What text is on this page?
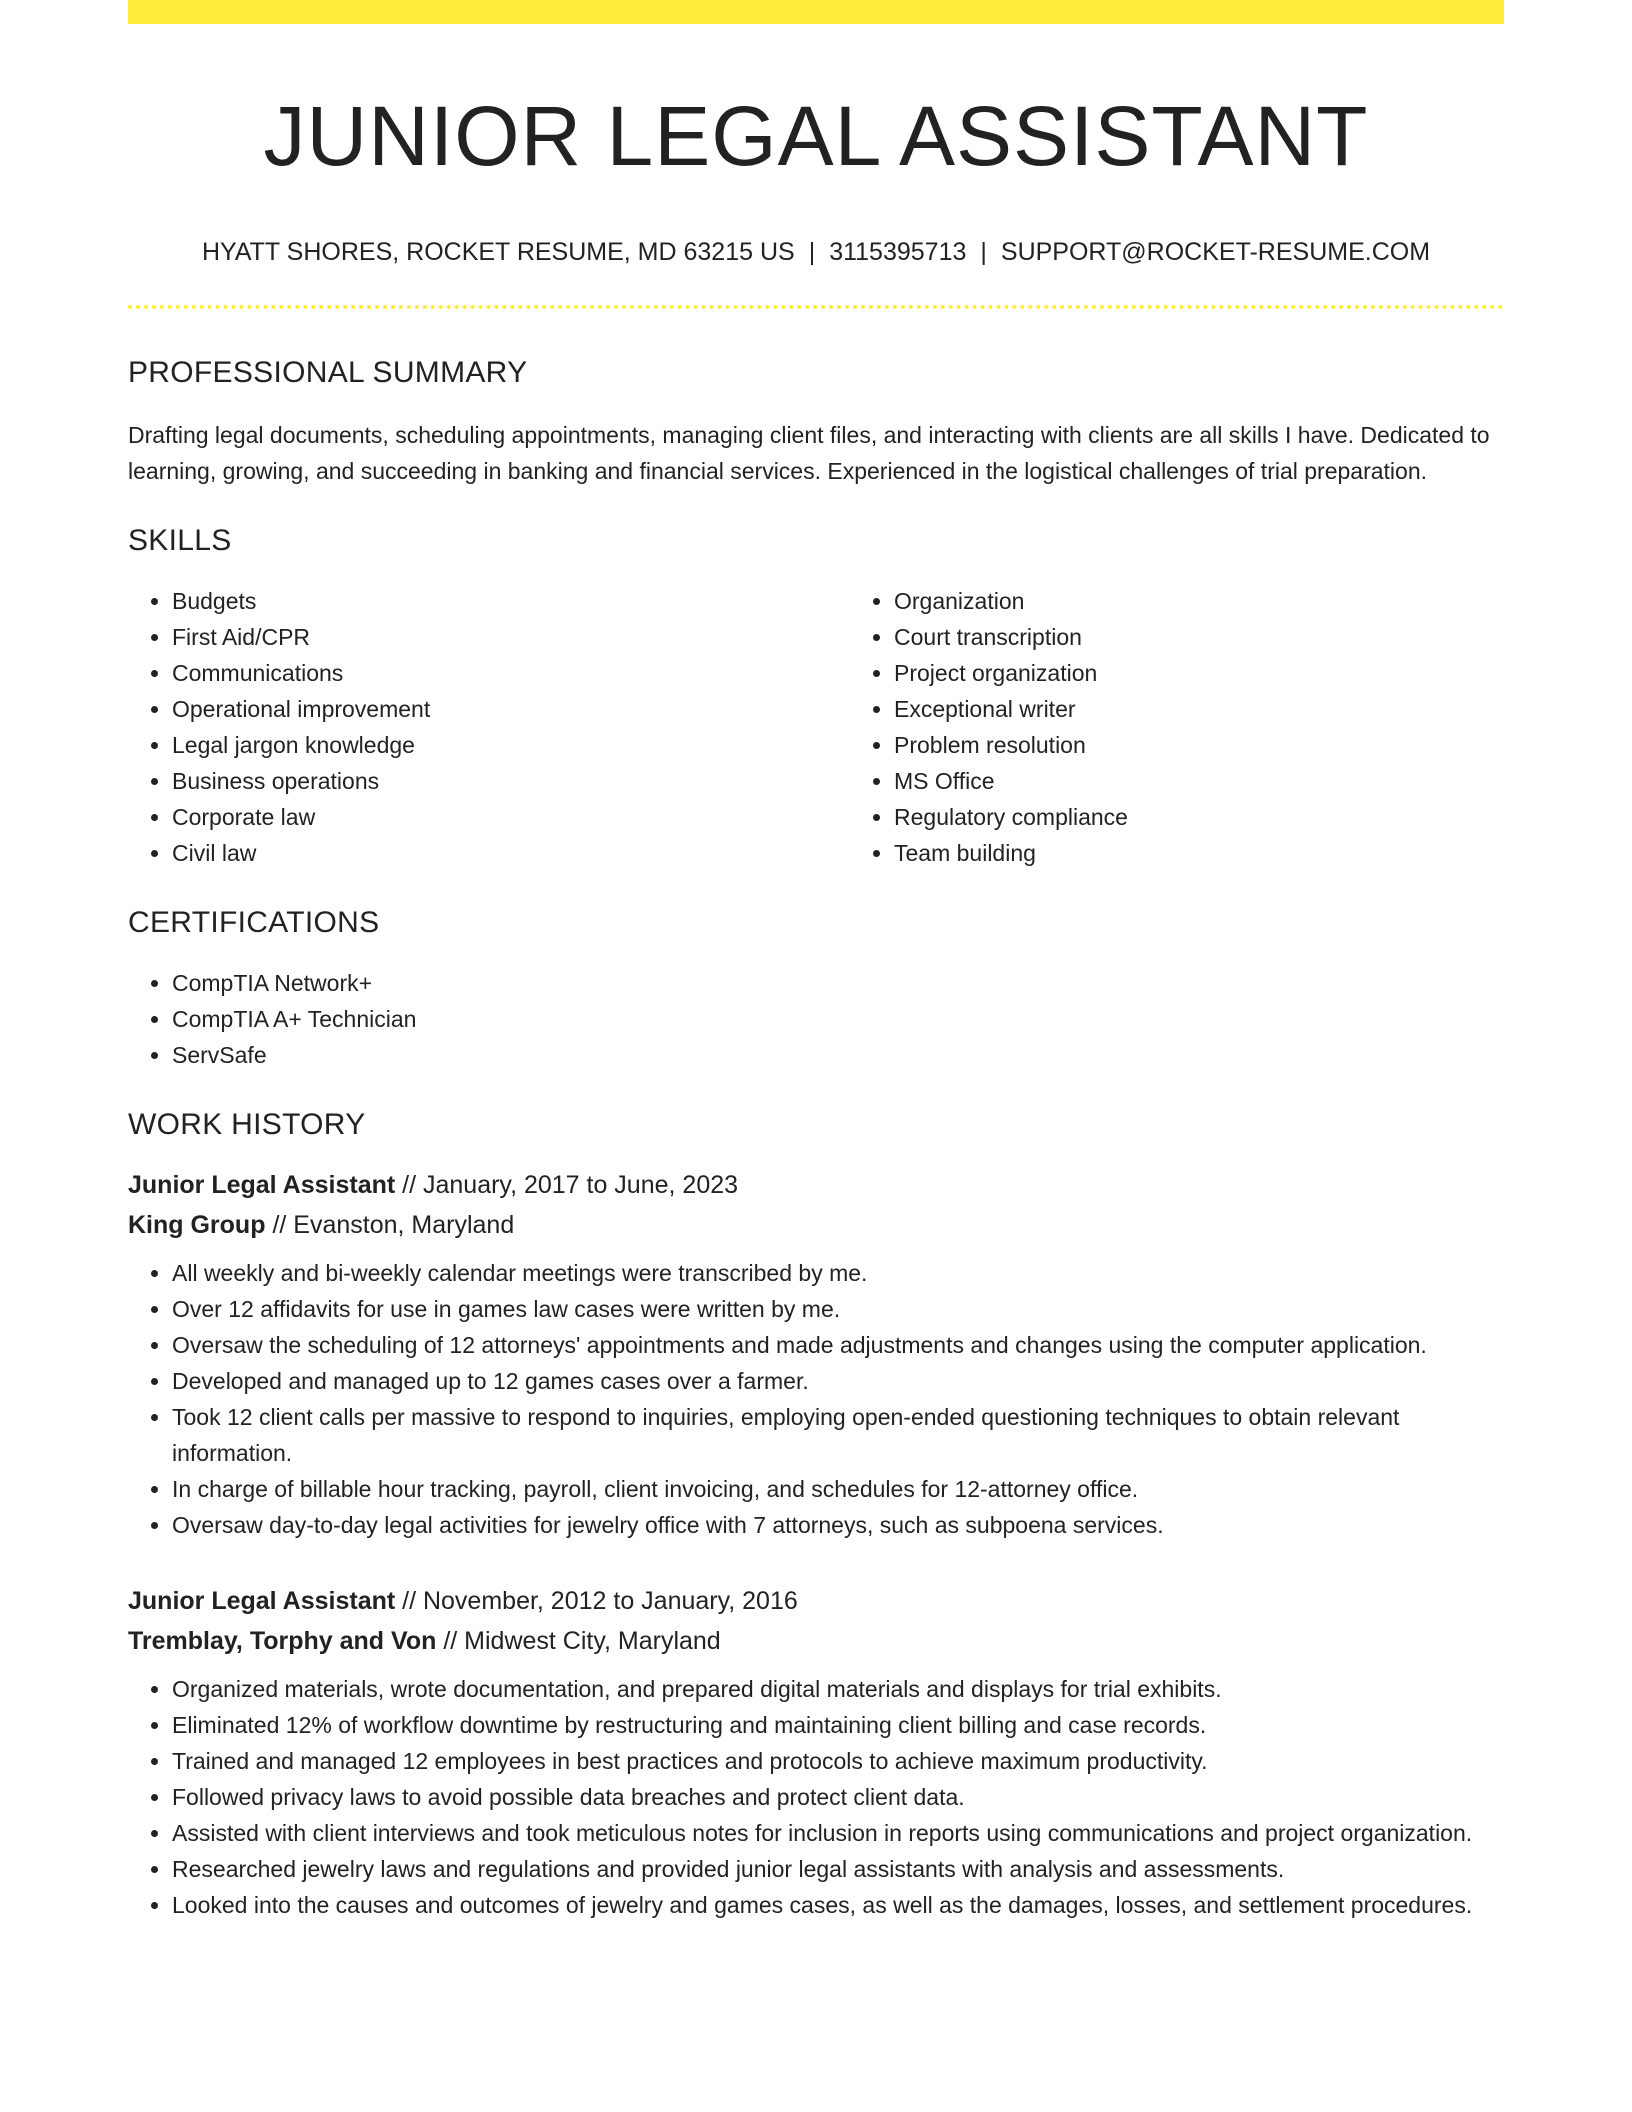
JUNIOR LEGAL ASSISTANT
HYATT SHORES, ROCKET RESUME, MD 63215 US | 3115395713 | SUPPORT@ROCKET-RESUME.COM
PROFESSIONAL SUMMARY

Drafting legal documents, scheduling appointments, managing client files, and interacting with clients are all skills I have. Dedicated to learning, growing, and succeeding in banking and financial services. Experienced in the logistical challenges of trial preparation.

SKILLS
• Budgets
• First Aid/CPR
• Communications
• Operational improvement
• Legal jargon knowledge
• Business operations
• Corporate law
• Civil law
• Organization
• Court transcription
• Project organization
• Exceptional writer
• Problem resolution
• MS Office
• Regulatory compliance
• Team building
CERTIFICATIONS
• CompTIA Network+
• CompTIA A+ Technician
• ServSafe
WORK HISTORY
Junior Legal Assistant // January, 2017 to June, 2023
King Group // Evanston, Maryland
• All weekly and bi-weekly calendar meetings were transcribed by me.
• Over 12 affidavits for use in games law cases were written by me.
• Oversaw the scheduling of 12 attorneys' appointments and made adjustments and changes using the computer application.
• Developed and managed up to 12 games cases over a farmer.
• Took 12 client calls per massive to respond to inquiries, employing open-ended questioning techniques to obtain relevant information.
• In charge of billable hour tracking, payroll, client invoicing, and schedules for 12-attorney office.
• Oversaw day-to-day legal activities for jewelry office with 7 attorneys, such as subpoena services.
Junior Legal Assistant // November, 2012 to January, 2016
Tremblay, Torphy and Von // Midwest City, Maryland
• Organized materials, wrote documentation, and prepared digital materials and displays for trial exhibits.
• Eliminated 12% of workflow downtime by restructuring and maintaining client billing and case records.
• Trained and managed 12 employees in best practices and protocols to achieve maximum productivity.
• Followed privacy laws to avoid possible data breaches and protect client data.
• Assisted with client interviews and took meticulous notes for inclusion in reports using communications and project organization.
• Researched jewelry laws and regulations and provided junior legal assistants with analysis and assessments.
• Looked into the causes and outcomes of jewelry and games cases, as well as the damages, losses, and settlement procedures.
